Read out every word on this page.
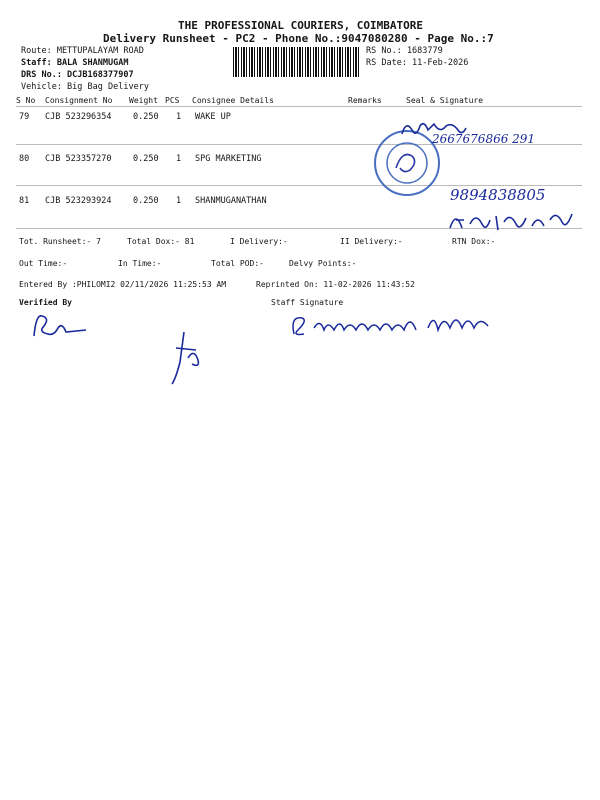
THE PROFESSIONAL COURIERS, COIMBATORE
Delivery Runsheet - PC2 - Phone No.:9047080280 - Page No.:7
Route: METTUPALAYAM ROAD
Staff: BALA SHANMUGAM
DRS No.: DCJB168377907
Vehicle: Big Bag Delivery
RS No.: 1683779
RS Date: 11-Feb-2026
S No Consignment No Weight PCS Consignee Details	Remarks	Seal & Signature
79 CJB 523296354	0.250 1 WAKE UP
80 CJB 523357270	0.250 1 SPG MARKETING
81 CJB 523293924	0.250 1 SHANMUGANATHAN
Tot. Runsheet:- 7	Total Dox:- 81	I Delivery:-	II Delivery:-	RTN Dox:-
Out Time:-	In Time:-	Total POD:-	Delvy Points:-
Entered By :PHILOMI2 02/11/2026 11:25:53 AM	Reprinted On: 11-02-2026 11:43:52
Verified By	Staff Signature
2667676866 291
9894838805
